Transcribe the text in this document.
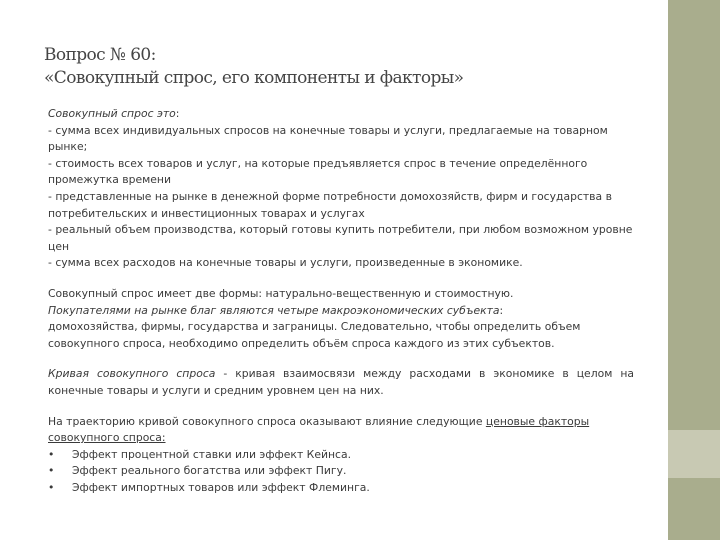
Вопрос № 60:
«Совокупный спрос, его компоненты и факторы»

Совокупный спрос это:

- сумма всех индивидуальных спросов на конечные товары и услуги, предлагаемые на товарном рынке;

- стоимость всех товаров и услуг, на которые предъявляется спрос в течение определённого промежутка времени

- представленные на рынке в денежной форме потребности домохозяйств, фирм и государства в потребительских и инвестиционных товарах и услугах

- реальный объем производства, который готовы купить потребители, при любом возможном уровне цен

- сумма всех расходов на конечные товары и услуги, произведенные в экономике.

Совокупный спрос имеет две формы: натурально-вещественную и стоимостную.

Покупателями на рынке благ являются четыре макроэкономических субъекта:

домохозяйства, фирмы, государства и заграницы. Следовательно, чтобы определить объем совокупного спроса, необходимо определить объём спроса каждого из этих субъектов.

Кривая совокупного спроса - кривая взаимосвязи между расходами в экономике в целом на конечные товары и услуги и средним уровнем цен на них.

На траекторию кривой совокупного спроса оказывают влияние следующие ценовые факторы совокупного спроса:

•	Эффект процентной ставки или эффект Кейнса.
•	Эффект реального богатства или эффект Пигу.
•	Эффект импортных товаров или эффект Флеминга.
